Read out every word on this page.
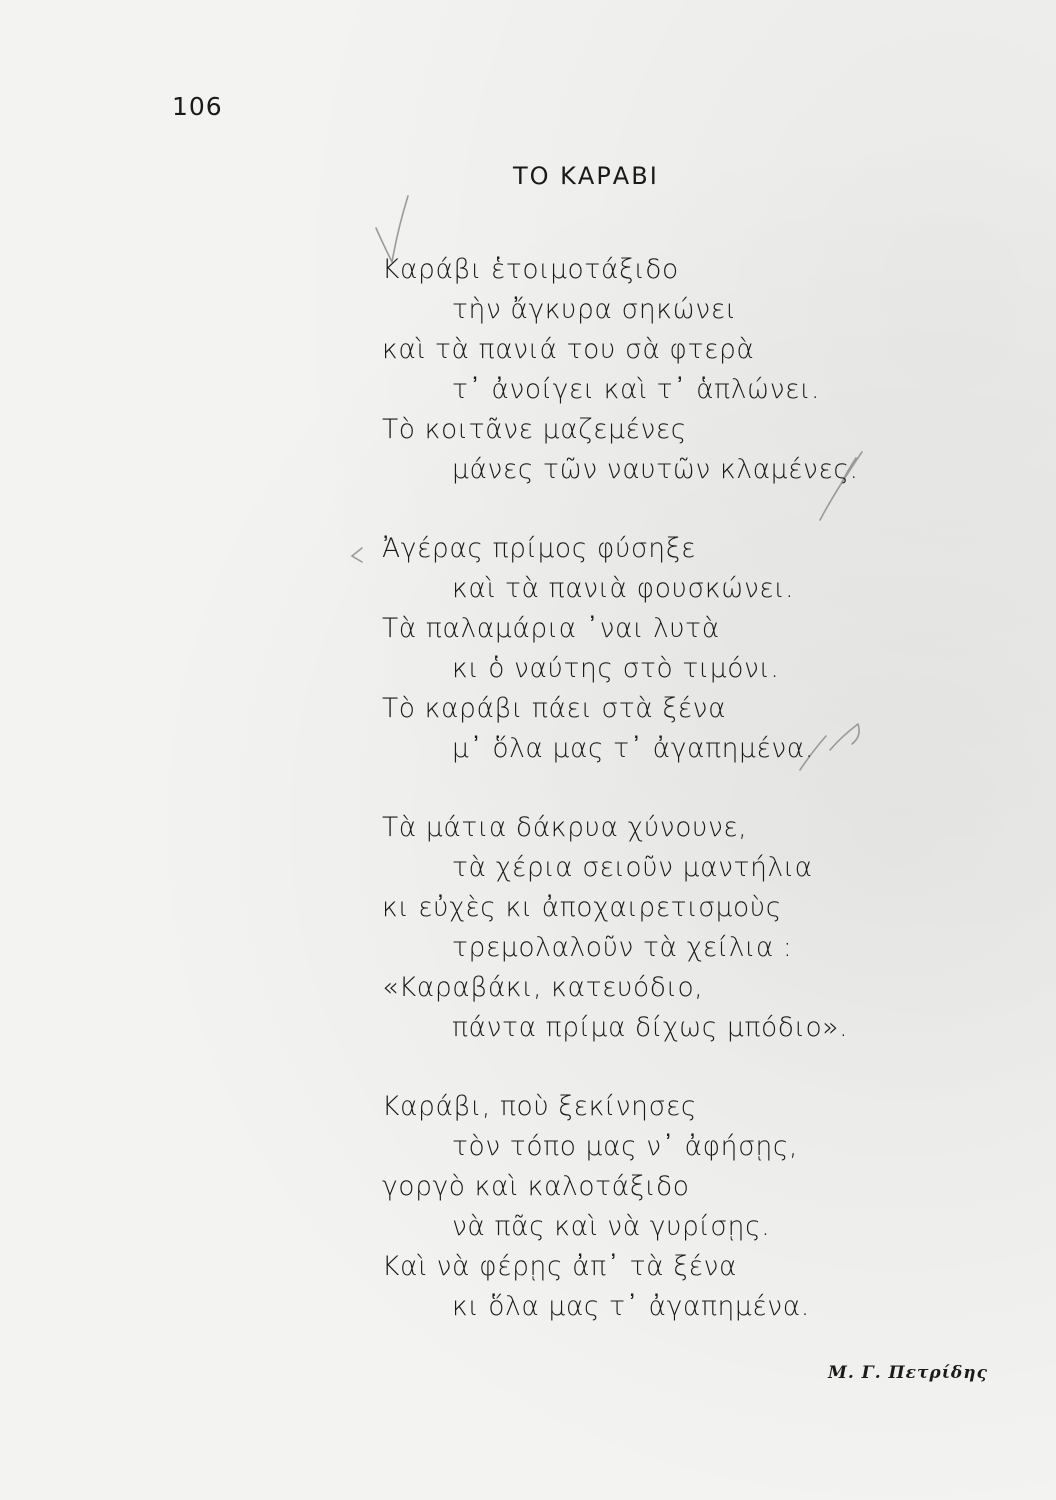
106
ΤΟ ΚΑΡΑΒΙ
Καράβι ἑτοιμοτάξιδο
τὴν ἄγκυρα σηκώνει
καὶ τὰ πανιά του σὰ φτερὰ
τ᾽ ἀνοίγει καὶ τ᾽ ἁπλώνει.
Τὸ κοιτᾶνε μαζεμένες
μάνες τῶν ναυτῶν κλαμένες.
Ἀγέρας πρίμος φύσηξε
καὶ τὰ πανιὰ φουσκώνει.
Τὰ παλαμάρια ᾽ναι λυτὰ
κι ὁ ναύτης στὸ τιμόνι.
Τὸ καράβι πάει στὰ ξένα
μ᾽ ὅλα μας τ᾽ ἀγαπημένα.
Τὰ μάτια δάκρυα χύνουνε,
τὰ χέρια σειοῦν μαντήλια
κι εὐχὲς κι ἀποχαιρετισμοὺς
τρεμολαλοῦν τὰ χείλια :
«Καραβάκι, κατευόδιο,
πάντα πρίμα δίχως μπόδιο».
Καράβι, ποὺ ξεκίνησες
τὸν τόπο μας ν᾽ ἀφήσῃς,
γοργὸ καὶ καλοτάξιδο
νὰ πᾶς καὶ νὰ γυρίσῃς.
Καὶ νὰ φέρῃς ἀπ᾽ τὰ ξένα
κι ὅλα μας τ᾽ ἀγαπημένα.
Μ. Γ. Πετρίδης
